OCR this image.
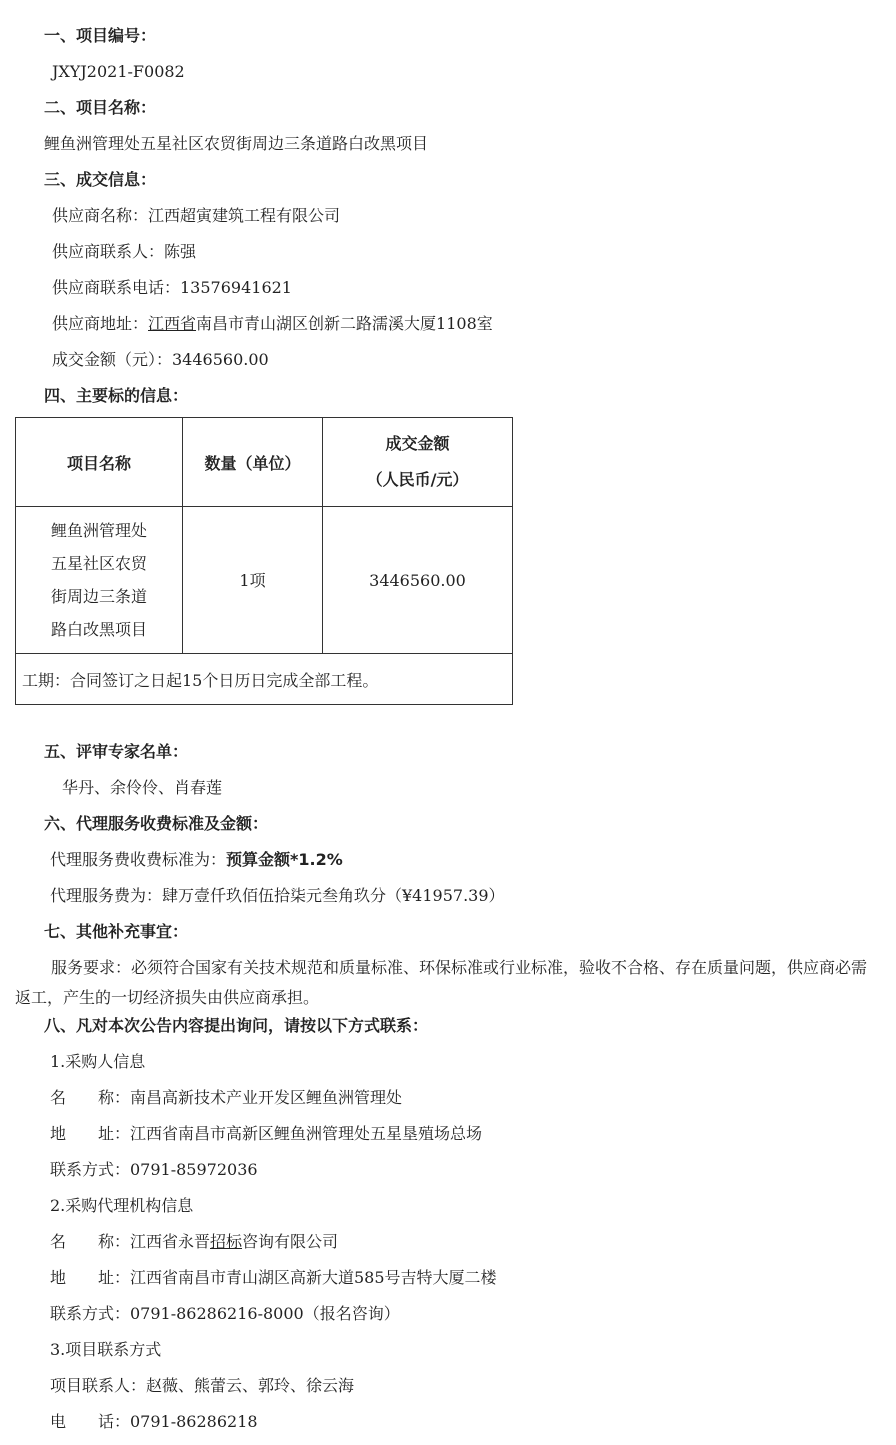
一、项目编号：
JXYJ2021-F0082
二、项目名称：
鲤鱼洲管理处五星社区农贸街周边三条道路白改黑项目
三、成交信息：
供应商名称：江西超寅建筑工程有限公司
供应商联系人：陈强
供应商联系电话：13576941621
供应商地址：江西省南昌市青山湖区创新二路濡溪大厦1108室
成交金额（元）：3446560.00
四、主要标的信息：
项目名称	数量（单位）	成交金额
（人民币/元）

鲤鱼洲管理处
五星社区农贸
街周边三条道
路白改黑项目	1项	3446560.00
工期：合同签订之日起15个日历日完成全部工程。		
五、评审专家名单：
华丹、余伶伶、肖春莲
六、代理服务收费标准及金额：
代理服务费收费标准为：预算金额*1.2%
代理服务费为：肆万壹仟玖佰伍拾柒元叁角玖分（¥41957.39）
七、其他补充事宜：
服务要求：必须符合国家有关技术规范和质量标准、环保标准或行业标准，验收不合格、存在质量问题，供应商必需返工，产生的一切经济损失由供应商承担。
八、凡对本次公告内容提出询问，请按以下方式联系：
1.采购人信息
名　　称：南昌高新技术产业开发区鲤鱼洲管理处
地　　址：江西省南昌市高新区鲤鱼洲管理处五星垦殖场总场
联系方式：0791-85972036
2.采购代理机构信息
名　　称：江西省永晋招标咨询有限公司
地　　址：江西省南昌市青山湖区高新大道585号吉特大厦二楼
联系方式：0791-86286216-8000（报名咨询）
3.项目联系方式
项目联系人：赵薇、熊蕾云、郭玲、徐云海
电　　话：0791-86286218
